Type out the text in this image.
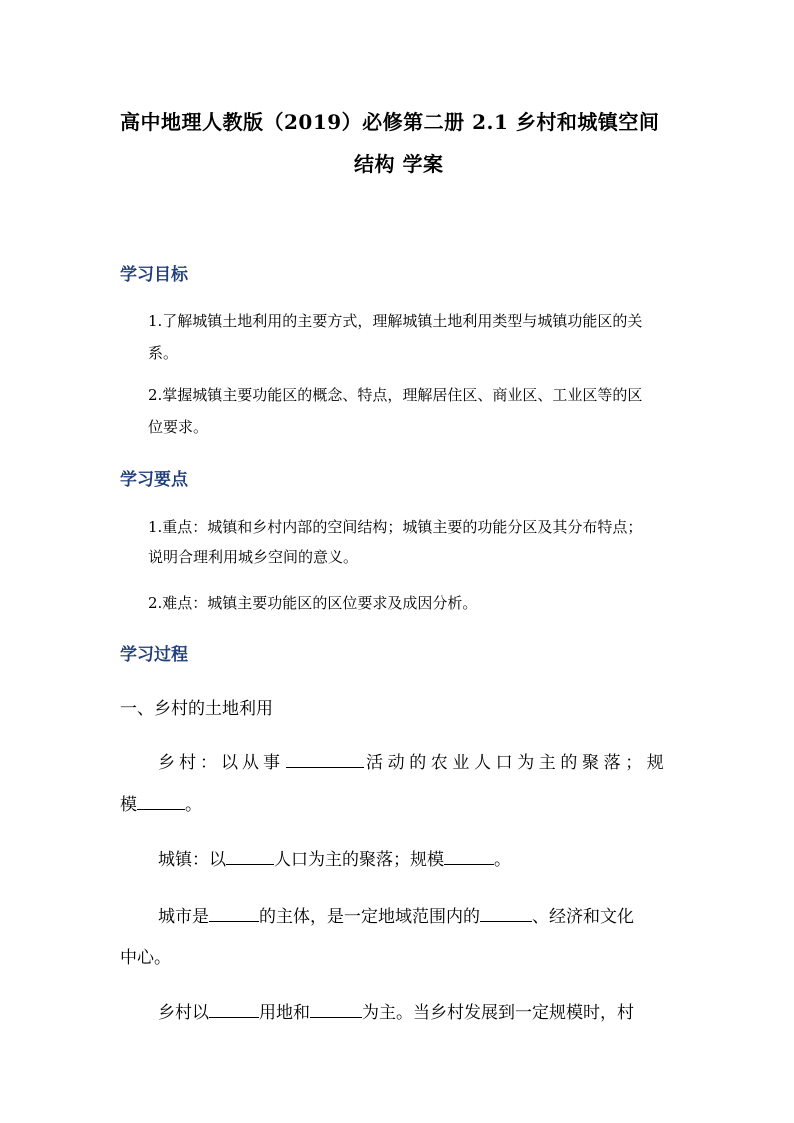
高中地理人教版（2019）必修第二册 2.1 乡村和城镇空间
结构 学案
学习目标
1.了解城镇土地利用的主要方式，理解城镇土地利用类型与城镇功能区的关
系。
2.掌握城镇主要功能区的概念、特点，理解居住区、商业区、工业区等的区
位要求。
学习要点
1.重点：城镇和乡村内部的空间结构；城镇主要的功能分区及其分布特点；
说明合理利用城乡空间的意义。
2.难点：城镇主要功能区的区位要求及成因分析。
学习过程
一、乡村的土地利用
乡村：以从事	活动的农业人口为主的聚落；规
模	。
城镇：以	人口为主的聚落；规模	。
城市是	的主体，是一定地域范围内的	、经济和文化
中心。
乡村以	用地和	为主。当乡村发展到一定规模时，村
